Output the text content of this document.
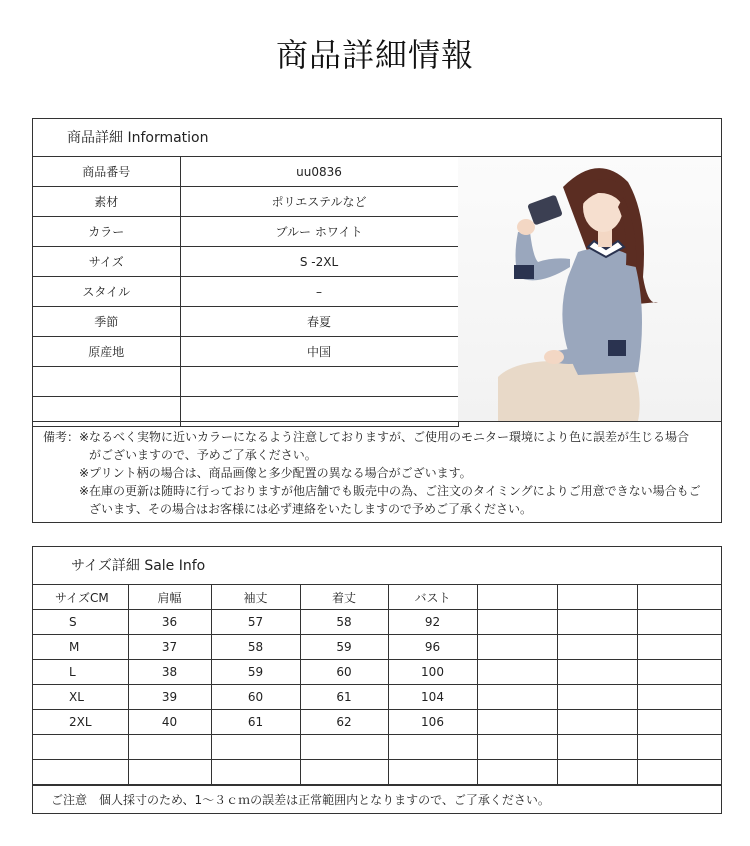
商品詳細情報
商品詳細 Information
商品番号	uu0836
素材	ポリエステルなど
カラー	ブルー ホワイト
サイズ	S -2XL
スタイル	–
季節	春夏
原産地	中国

備考：※なるべく実物に近いカラーになるよう注意しておりますが、ご使用のモニター環境により色に誤差が生じる場合
がございますので、予めご了承ください。
※プリント柄の場合は、商品画像と多少配置の異なる場合がございます。
※在庫の更新は随時に行っておりますが他店舗でも販売中の為、ご注文のタイミングによりご用意できない場合もご
ざいます、その場合はお客様には必ず連絡をいたしますので予めご了承ください。
サイズ詳細 Sale Info
サイズCM	肩幅	袖丈	着丈	バスト			
S	36	57	58	92			
M	37	58	59	96			
L	38	59	60	100			
XL	39	60	61	104			
2XL	40	61	62	106			

ご注意　個人採寸のため、1〜３ｃｍの誤差は正常範囲内となりますので、ご了承ください。
